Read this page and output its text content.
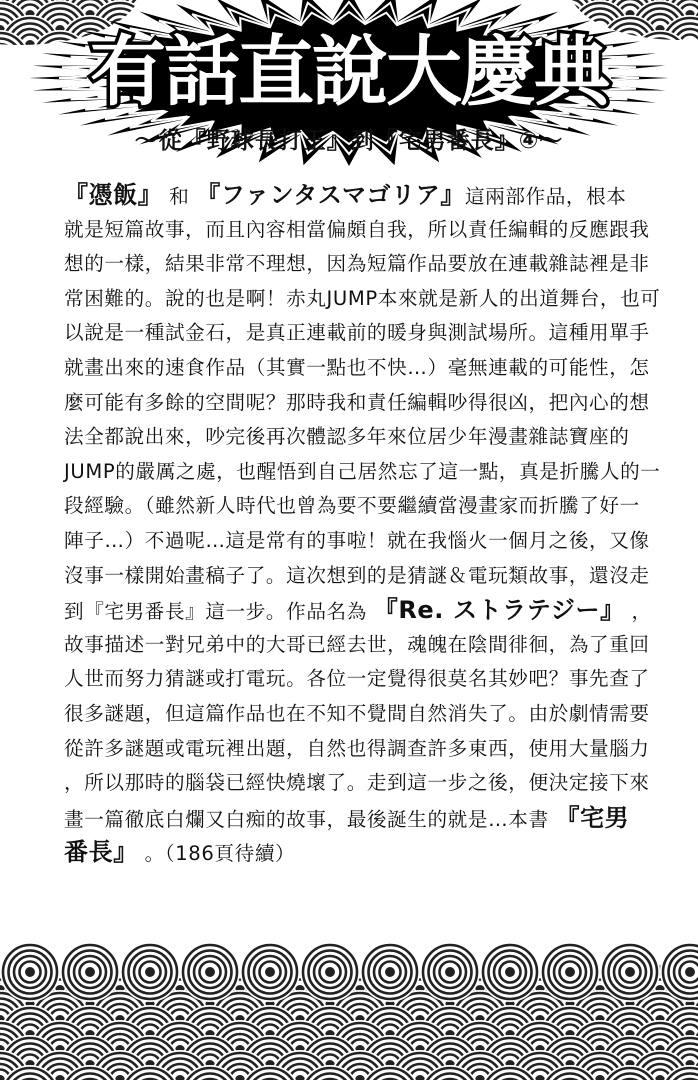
有話直說大慶典
～從『野球長打王』到『宅男番長』④～
『憑飯』 和 『ファンタスマゴリア』這兩部作品，根本
就是短篇故事，而且內容相當偏頗自我，所以責任編輯的反應跟我
想的一樣，結果非常不理想，因為短篇作品要放在連載雜誌裡是非
常困難的。說的也是啊！赤丸JUMP本來就是新人的出道舞台，也可
以說是一種試金石，是真正連載前的暖身與測試場所。這種用單手
就畫出來的速食作品（其實一點也不快…）毫無連載的可能性，怎
麼可能有多餘的空間呢？那時我和責任編輯吵得很凶，把內心的想
法全都說出來，吵完後再次體認多年來位居少年漫畫雜誌寶座的
JUMP的嚴厲之處，也醒悟到自己居然忘了這一點，真是折騰人的一
段經驗。（雖然新人時代也曾為要不要繼續當漫畫家而折騰了好一
陣子…）不過呢…這是常有的事啦！就在我惱火一個月之後，又像
沒事一樣開始畫稿子了。這次想到的是猜謎＆電玩類故事，還沒走
到『宅男番長』這一步。作品名為 『Re. ストラテジー』 ，
故事描述一對兄弟中的大哥已經去世，魂魄在陰間徘徊，為了重回
人世而努力猜謎或打電玩。各位一定覺得很莫名其妙吧？事先查了
很多謎題，但這篇作品也在不知不覺間自然消失了。由於劇情需要
從許多謎題或電玩裡出題，自然也得調查許多東西，使用大量腦力
，所以那時的腦袋已經快燒壞了。走到這一步之後，便決定接下來
畫一篇徹底白爛又白痴的故事，最後誕生的就是…本書 『宅男
番長』 。（186頁待續）
